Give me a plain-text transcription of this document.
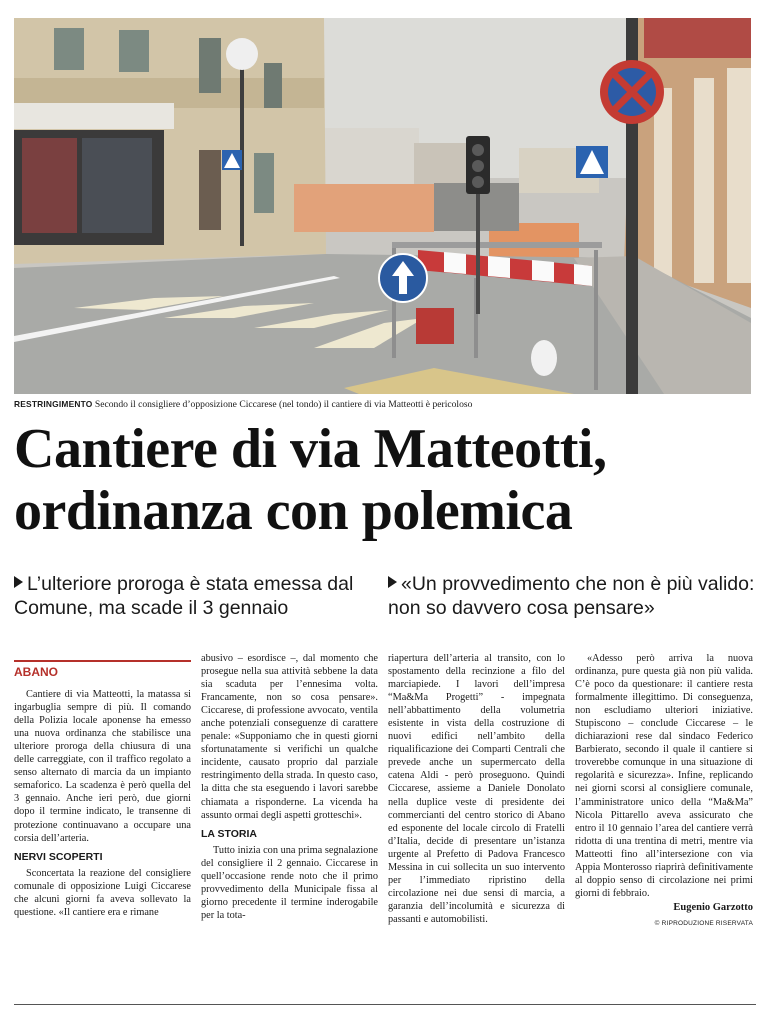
RESTRINGIMENTO Secondo il consigliere d’opposizione Ciccarese (nel tondo) il cantiere di via Matteotti è pericoloso
Cantiere di via Matteotti,
ordinanza con polemica
L’ulteriore proroga è stata emessa dal Comune, ma scade il 3 gennaio
«Un provvedimento che non è più valido: non so davvero cosa pensare»
ABANO

Cantiere di via Matteotti, la matassa si ingarbuglia sempre di più. Il comando della Polizia locale aponense ha emesso una nuova ordinanza che stabilisce una ulteriore proroga della chiusura di una delle carreggiate, con il traffico regolato a senso alternato di marcia da un impianto semaforico. La scadenza è però quella del 3 gennaio. Anche ieri però, due giorni dopo il termine indicato, le transenne di protezione continuavano a occupare una corsia dell’arteria.

NERVI SCOPERTI

Sconcertata la reazione del consigliere comunale di opposizione Luigi Ciccarese che alcuni giorni fa aveva sollevato la questione. «Il cantiere era e rimane

abusivo – esordisce –, dal momento che prosegue nella sua attività sebbene la data sia scaduta per l’ennesima volta. Francamente, non so cosa pensare». Ciccarese, di professione avvocato, ventila anche potenziali conseguenze di carattere penale: «Supponiamo che in questi giorni sfortunatamente si verifichi un qualche incidente, causato proprio dal parziale restringimento della strada. In questo caso, la ditta che sta eseguendo i lavori sarebbe chiamata a risponderne. La vicenda ha assunto ormai degli aspetti grotteschi».

LA STORIA

Tutto inizia con una prima segnalazione del consigliere il 2 gennaio. Ciccarese in quell’occasione rende noto che il primo provvedimento della Municipale fissa al giorno precedente il termine inderogabile per la tota-

riapertura dell’arteria al transito, con lo spostamento della recinzione a filo del marciapiede. I lavori dell’impresa “Ma&Ma Progetti” - impegnata nell’abbattimento della volumetria esistente in vista della costruzione di nuovi edifici nell’ambito della riqualificazione dei Comparti Centrali che prevede anche un supermercato della catena Aldi - però proseguono. Quindi Ciccarese, assieme a Daniele Donolato nella duplice veste di presidente dei commercianti del centro storico di Abano ed esponente del locale circolo di Fratelli d’Italia, decide di presentare un’istanza urgente al Prefetto di Padova Francesco Messina in cui sollecita un suo intervento per l’immediato ripristino della circolazione nei due sensi di marcia, a garanzia dell’incolumità e sicurezza di passanti e automobilisti.

«Adesso però arriva la nuova ordinanza, pure questa già non più valida. C’è poco da questionare: il cantiere resta formalmente illegittimo. Di conseguenza, non escludiamo ulteriori iniziative. Stupiscono – conclude Ciccarese – le dichiarazioni rese dal sindaco Federico Barbierato, secondo il quale il cantiere si troverebbe comunque in una situazione di regolarità e sicurezza». Infine, replicando nei giorni scorsi al consigliere comunale, l’amministratore unico della “Ma&Ma” Nicola Pittarello aveva assicurato che entro il 10 gennaio l’area del cantiere verrà ridotta di una trentina di metri, mentre via Matteotti fino all’intersezione con via Appia Monterosso riaprirà definitivamente al doppio senso di circolazione nei primi giorni di febbraio.

Eugenio Garzotto
© RIPRODUZIONE RISERVATA
